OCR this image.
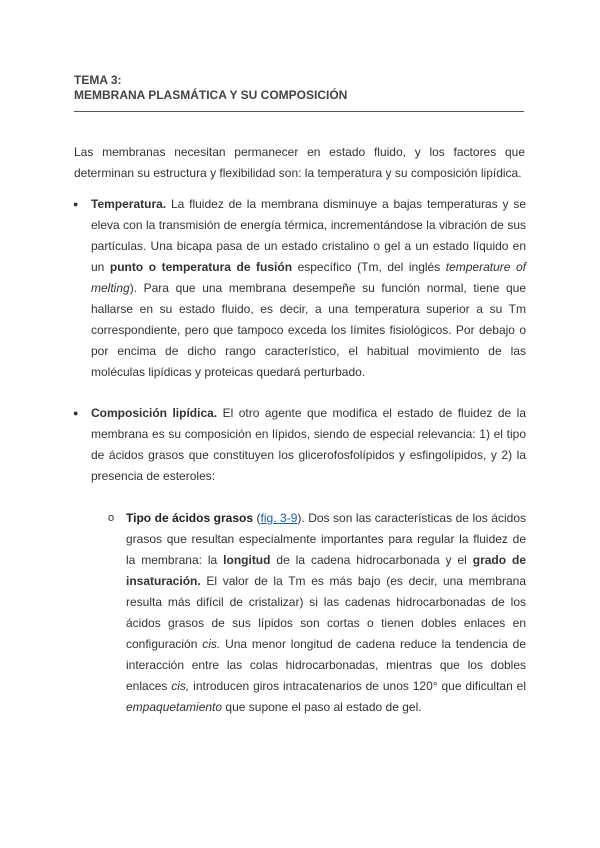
TEMA 3:
MEMBRANA PLASMÁTICA Y SU COMPOSICIÓN
Las membranas necesitan permanecer en estado fluido, y los factores que determinan su estructura y flexibilidad son: la temperatura y su composición lipídica.
● Temperatura. La fluidez de la membrana disminuye a bajas temperaturas y se eleva con la transmisión de energía térmica, incrementándose la vibración de sus partículas. Una bicapa pasa de un estado cristalino o gel a un estado líquido en un punto o temperatura de fusión específico (Tm, del inglés temperature of melting). Para que una membrana desempeñe su función normal, tiene que hallarse en su estado fluido, es decir, a una temperatura superior a su Tm correspondiente, pero que tampoco exceda los límites fisiológicos. Por debajo o por encima de dicho rango característico, el habitual movimiento de las moléculas lipídicas y proteicas quedará perturbado.
● Composición lipídica. El otro agente que modifica el estado de fluidez de la membrana es su composición en lípidos, siendo de especial relevancia: 1) el tipo de ácidos grasos que constituyen los glicerofosfolípidos y esfingolípidos, y 2) la presencia de esteroles:
o Tipo de ácidos grasos (fig. 3-9). Dos son las características de los ácidos grasos que resultan especialmente importantes para regular la fluidez de la membrana: la longitud de la cadena hidrocarbonada y el grado de insaturación. El valor de la Tm es más bajo (es decir, una membrana resulta más difícil de cristalizar) si las cadenas hidrocarbonadas de los ácidos grasos de sus lípidos son cortas o tienen dobles enlaces en configuración cis. Una menor longitud de cadena reduce la tendencia de interacción entre las colas hidrocarbonadas, mientras que los dobles enlaces cis, introducen giros intracatenarios de unos 120° que dificultan el empaquetamiento que supone el paso al estado de gel.
